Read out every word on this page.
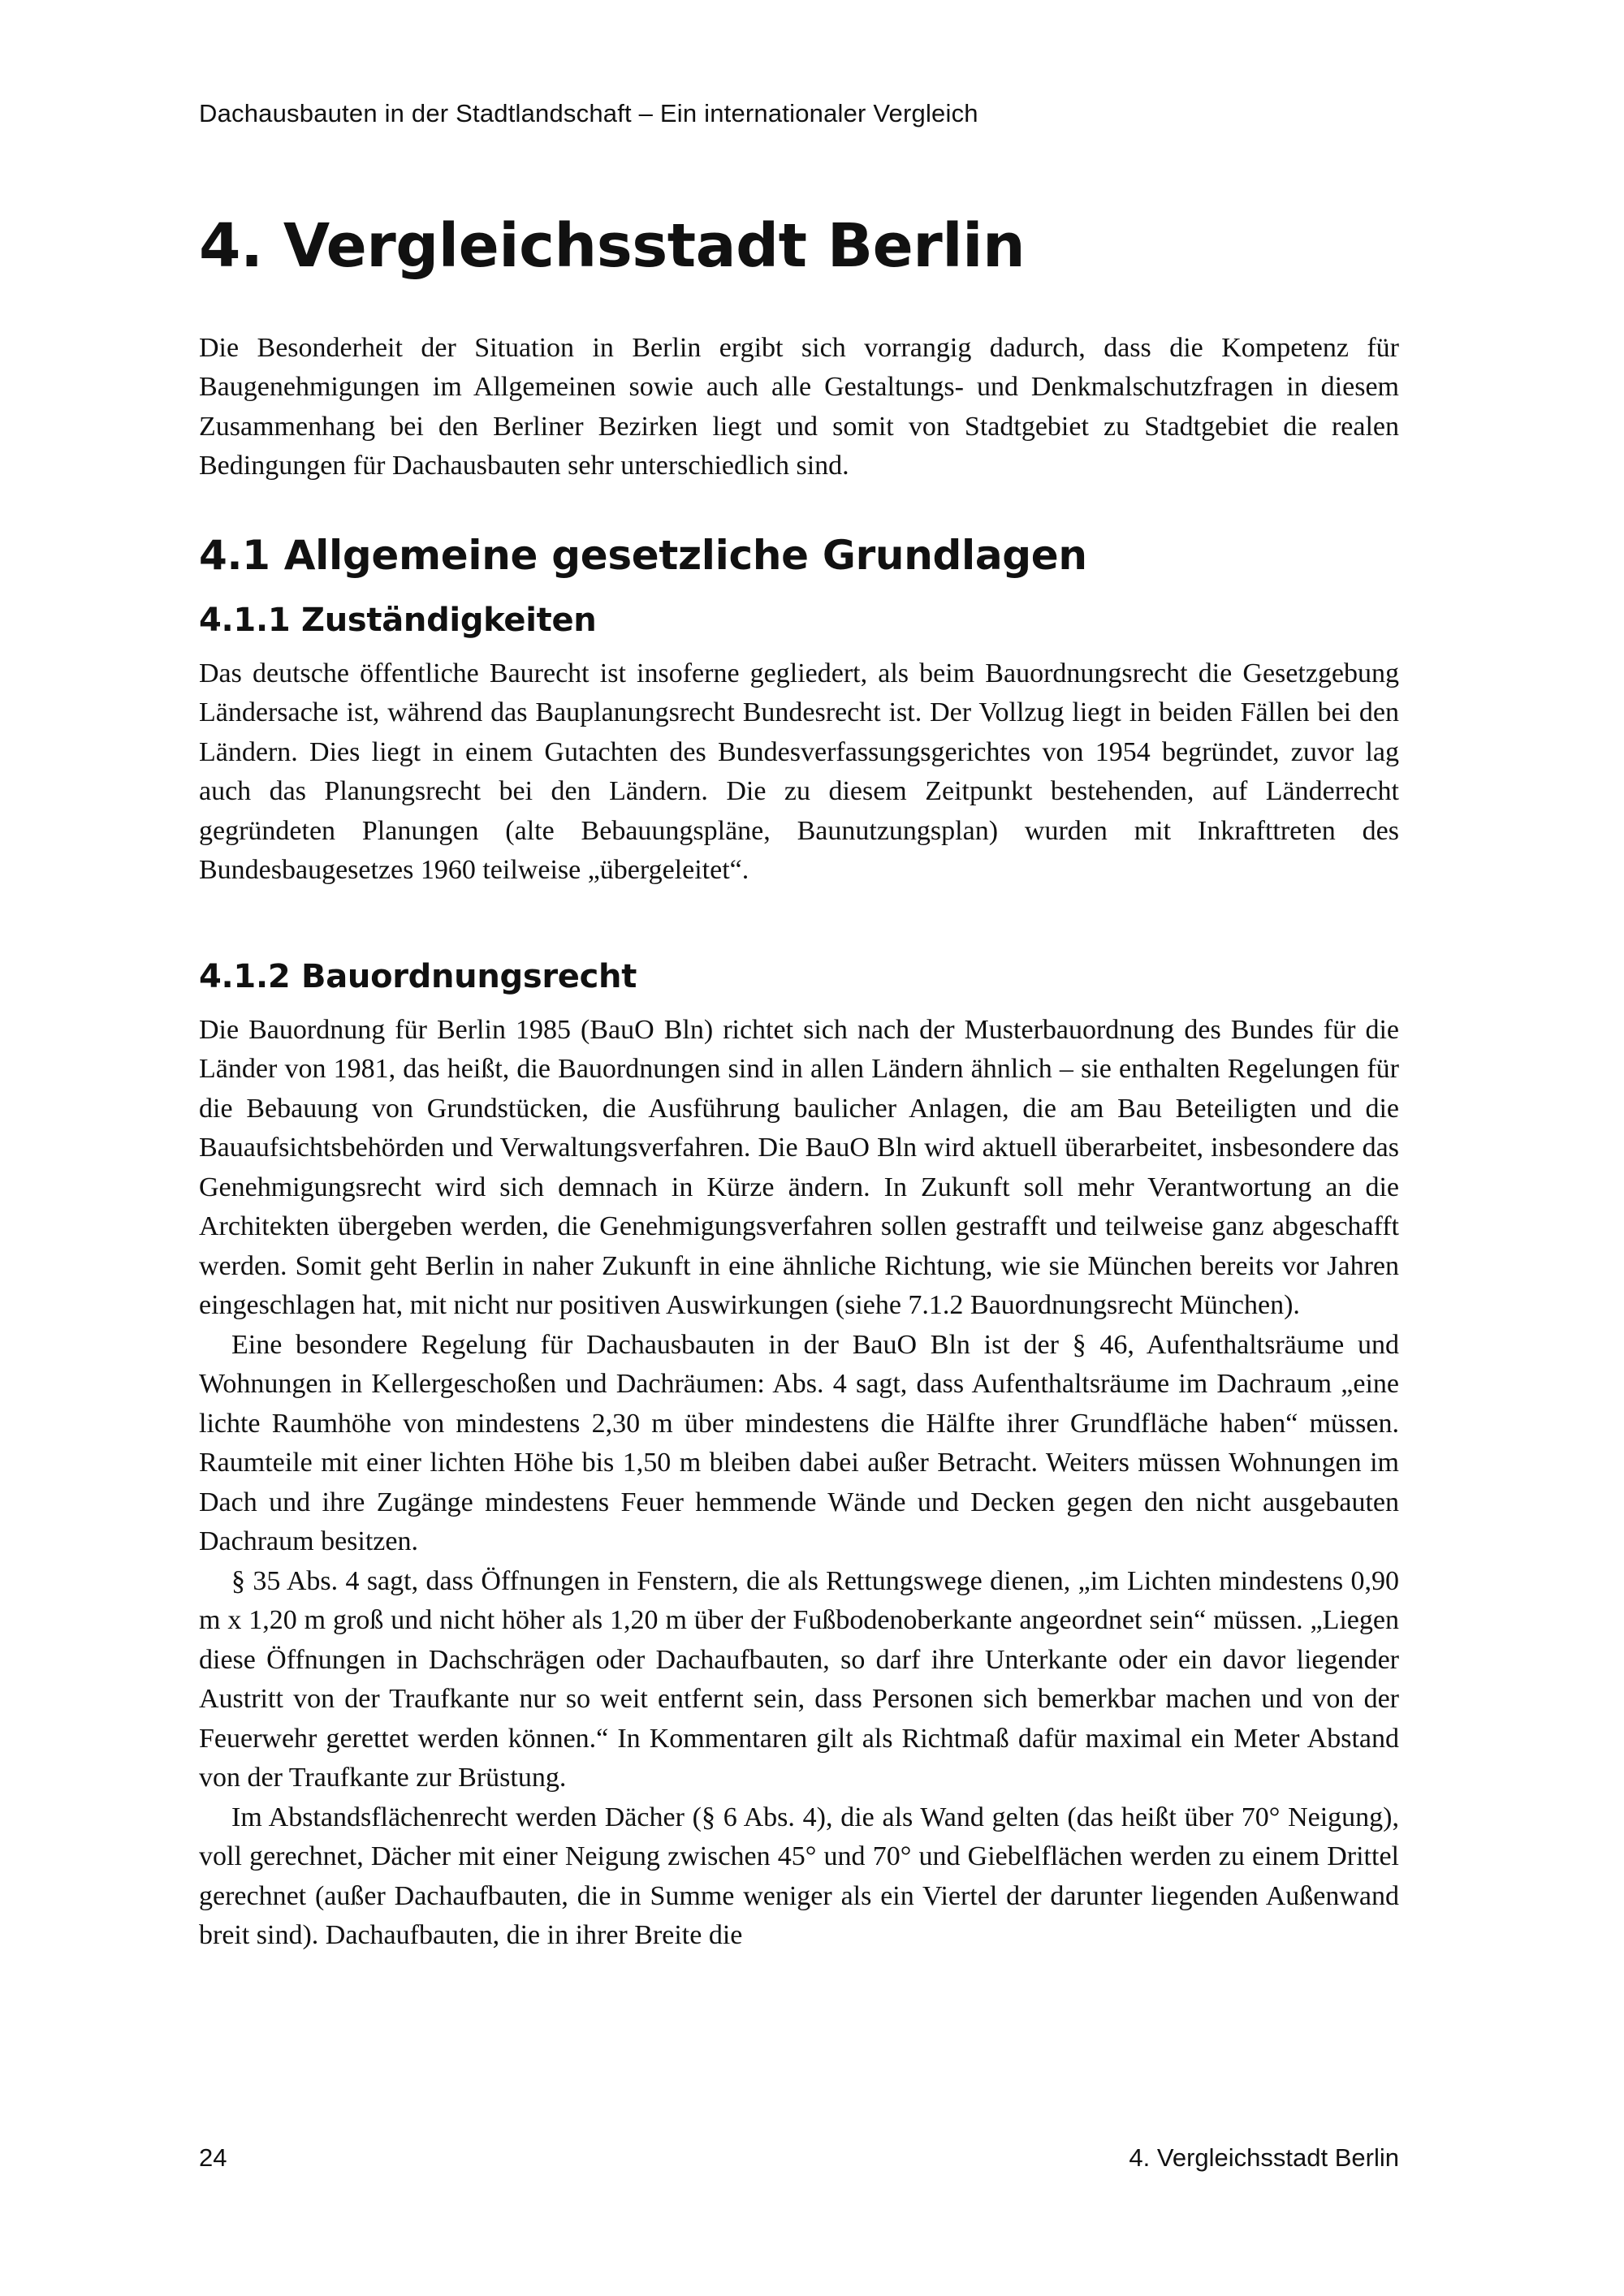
Dachausbauten in der Stadtlandschaft – Ein internationaler Vergleich
4. Vergleichsstadt Berlin

Die Besonderheit der Situation in Berlin ergibt sich vorrangig dadurch, dass die Kompetenz für Baugenehmigungen im Allgemeinen sowie auch alle Gestaltungs- und Denkmalschutzfragen in diesem Zusammenhang bei den Berliner Bezirken liegt und somit von Stadtgebiet zu Stadtgebiet die realen Bedingungen für Dachausbauten sehr unterschiedlich sind.

4.1 Allgemeine gesetzliche Grundlagen
4.1.1 Zuständigkeiten

Das deutsche öffentliche Baurecht ist insoferne gegliedert, als beim Bauordnungsrecht die Gesetzgebung Ländersache ist, während das Bauplanungsrecht Bundesrecht ist. Der Vollzug liegt in beiden Fällen bei den Ländern. Dies liegt in einem Gutachten des Bundesverfassungsgerichtes von 1954 begründet, zuvor lag auch das Planungsrecht bei den Ländern. Die zu diesem Zeitpunkt bestehenden, auf Länderrecht gegründeten Planungen (alte Bebauungspläne, Baunutzungsplan) wurden mit Inkrafttreten des Bundesbaugesetzes 1960 teilweise „übergeleitet“.

4.1.2 Bauordnungsrecht

Die Bauordnung für Berlin 1985 (BauO Bln) richtet sich nach der Musterbauordnung des Bundes für die Länder von 1981, das heißt, die Bauordnungen sind in allen Ländern ähnlich – sie enthalten Regelungen für die Bebauung von Grundstücken, die Ausführung baulicher Anlagen, die am Bau Beteiligten und die Bauaufsichtsbehörden und Verwaltungsverfahren. Die BauO Bln wird aktuell überarbeitet, insbesondere das Genehmigungsrecht wird sich demnach in Kürze ändern. In Zukunft soll mehr Verantwortung an die Architekten übergeben werden, die Genehmigungsverfahren sollen gestrafft und teilweise ganz abgeschafft werden. Somit geht Berlin in naher Zukunft in eine ähnliche Richtung, wie sie München bereits vor Jahren eingeschlagen hat, mit nicht nur positiven Auswirkungen (siehe 7.1.2 Bauordnungsrecht München).

Eine besondere Regelung für Dachausbauten in der BauO Bln ist der § 46, Aufenthaltsräume und Wohnungen in Kellergeschoßen und Dachräumen: Abs. 4 sagt, dass Aufenthaltsräume im Dachraum „eine lichte Raumhöhe von mindestens 2,30 m über mindestens die Hälfte ihrer Grundfläche haben“ müssen. Raumteile mit einer lichten Höhe bis 1,50 m bleiben dabei außer Betracht. Weiters müssen Wohnungen im Dach und ihre Zugänge mindestens Feuer hemmende Wände und Decken gegen den nicht ausgebauten Dachraum besitzen.

§ 35 Abs. 4 sagt, dass Öffnungen in Fenstern, die als Rettungswege dienen, „im Lichten mindestens 0,90 m x 1,20 m groß und nicht höher als 1,20 m über der Fußbodenoberkante angeordnet sein“ müssen. „Liegen diese Öffnungen in Dachschrägen oder Dachaufbauten, so darf ihre Unterkante oder ein davor liegender Austritt von der Traufkante nur so weit entfernt sein, dass Personen sich bemerkbar machen und von der Feuerwehr gerettet werden können.“ In Kommentaren gilt als Richtmaß dafür maximal ein Meter Abstand von der Traufkante zur Brüstung.

Im Abstandsflächenrecht werden Dächer (§ 6 Abs. 4), die als Wand gelten (das heißt über 70° Neigung), voll gerechnet, Dächer mit einer Neigung zwischen 45° und 70° und Giebelflächen werden zu einem Drittel gerechnet (außer Dachaufbauten, die in Summe weniger als ein Viertel der darunter liegenden Außenwand breit sind). Dachaufbauten, die in ihrer Breite die

24	4. Vergleichsstadt Berlin
